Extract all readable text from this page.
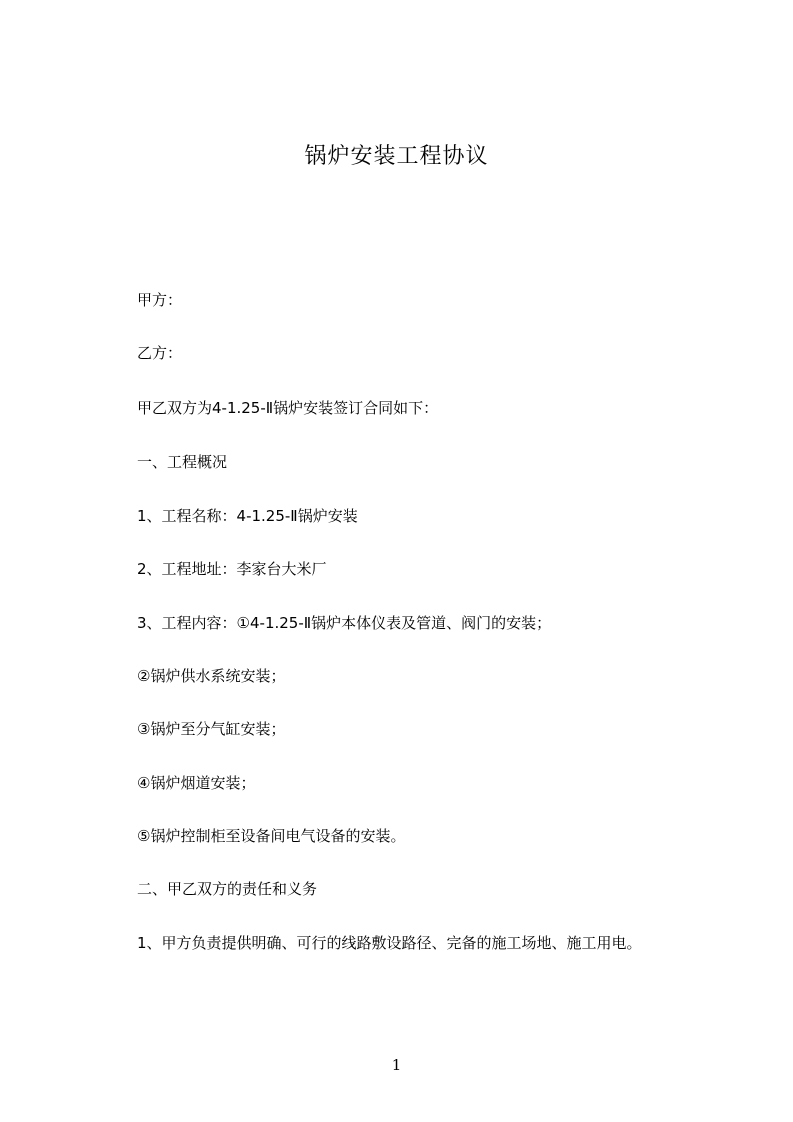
锅炉安装工程协议
甲方：
乙方：
甲乙双方为4-1.25-Ⅱ锅炉安装签订合同如下：
一、工程概况
1、工程名称：4-1.25-Ⅱ锅炉安装
2、工程地址：李家台大米厂
3、工程内容：①4-1.25-Ⅱ锅炉本体仪表及管道、阀门的安装；
②锅炉供水系统安装；
③锅炉至分气缸安装；
④锅炉烟道安装；
⑤锅炉控制柜至设备间电气设备的安装。
二、甲乙双方的责任和义务
1、甲方负责提供明确、可行的线路敷设路径、完备的施工场地、施工用电。
1
